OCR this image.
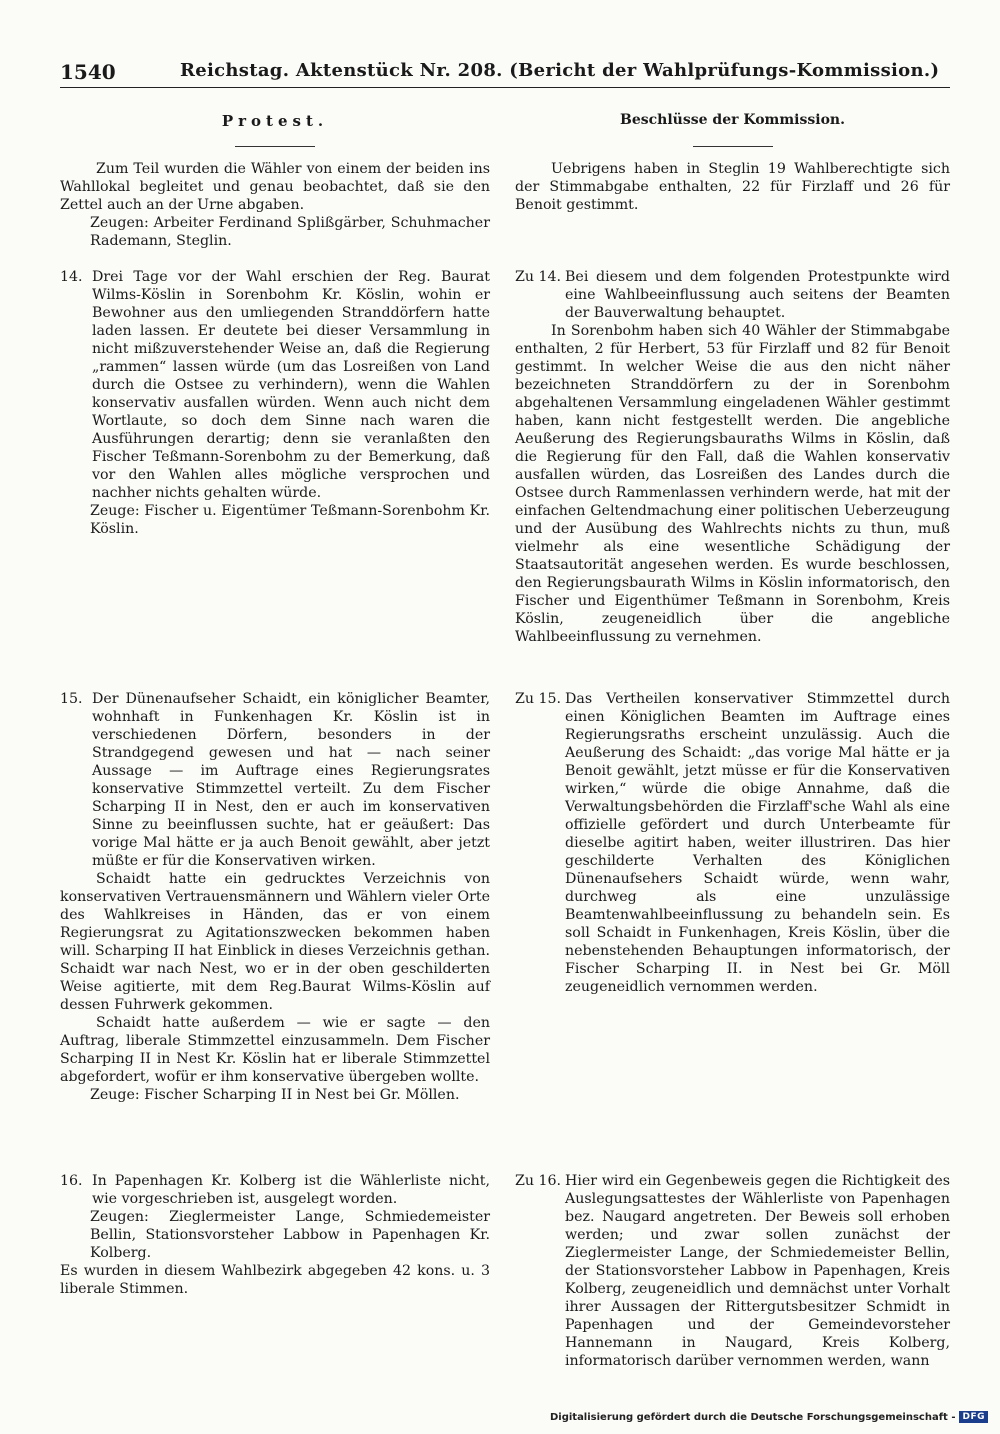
1540	Reichstag. Aktenstück Nr. 208. (Bericht der Wahlprüfungs-Kommission.)
Protest.	Beschlüsse der Kommission.

Zum Teil wurden die Wähler von einem der beiden ins Wahllokal begleitet und genau beobachtet, daß sie den Zettel auch an der Urne abgaben.

Zeugen: Arbeiter Ferdinand Splißgärber, Schuhmacher Rademann, Steglin.

14. Drei Tage vor der Wahl erschien der Reg. Baurat Wilms-Köslin in Sorenbohm Kr. Köslin, wohin er Bewohner aus den umliegenden Stranddörfern hatte laden lassen. Er deutete bei dieser Versammlung in nicht mißzuverstehender Weise an, daß die Regierung „rammen“ lassen würde (um das Losreißen von Land durch die Ostsee zu verhindern), wenn die Wahlen konservativ ausfallen würden. Wenn auch nicht dem Wortlaute, so doch dem Sinne nach waren die Ausführungen derartig; denn sie veranlaßten den Fischer Teßmann-Sorenbohm zu der Bemerkung, daß vor den Wahlen alles mögliche versprochen und nachher nichts gehalten würde.

Zeuge: Fischer u. Eigentümer Teßmann-Sorenbohm Kr. Köslin.

15. Der Dünenaufseher Schaidt, ein königlicher Beamter, wohnhaft in Funkenhagen Kr. Köslin ist in verschiedenen Dörfern, besonders in der Strandgegend gewesen und hat — nach seiner Aussage — im Auftrage eines Regierungsrates konservative Stimmzettel verteilt. Zu dem Fischer Scharping II in Nest, den er auch im konservativen Sinne zu beeinflussen suchte, hat er geäußert: Das vorige Mal hätte er ja auch Benoit gewählt, aber jetzt müßte er für die Konservativen wirken.

Schaidt hatte ein gedrucktes Verzeichnis von konservativen Vertrauensmännern und Wählern vieler Orte des Wahlkreises in Händen, das er von einem Regierungsrat zu Agitationszwecken bekommen haben will. Scharping II hat Einblick in dieses Verzeichnis gethan. Schaidt war nach Nest, wo er in der oben geschilderten Weise agitierte, mit dem Reg.Baurat Wilms-Köslin auf dessen Fuhrwerk gekommen.

Schaidt hatte außerdem — wie er sagte — den Auftrag, liberale Stimmzettel einzusammeln. Dem Fischer Scharping II in Nest Kr. Köslin hat er liberale Stimmzettel abgefordert, wofür er ihm konservative übergeben wollte.

Zeuge: Fischer Scharping II in Nest bei Gr. Möllen.

16. In Papenhagen Kr. Kolberg ist die Wählerliste nicht, wie vorgeschrieben ist, ausgelegt worden.

Zeugen: Zieglermeister Lange, Schmiedemeister Bellin, Stationsvorsteher Labbow in Papenhagen Kr. Kolberg.

Es wurden in diesem Wahlbezirk abgegeben 42 kons. u. 3 liberale Stimmen.

Uebrigens haben in Steglin 19 Wahlberechtigte sich der Stimmabgabe enthalten, 22 für Firzlaff und 26 für Benoit gestimmt.

Zu 14. Bei diesem und dem folgenden Protestpunkte wird eine Wahlbeeinflussung auch seitens der Beamten der Bauverwaltung behauptet.

In Sorenbohm haben sich 40 Wähler der Stimmabgabe enthalten, 2 für Herbert, 53 für Firzlaff und 82 für Benoit gestimmt. In welcher Weise die aus den nicht näher bezeichneten Stranddörfern zu der in Sorenbohm abgehaltenen Versammlung eingeladenen Wähler gestimmt haben, kann nicht festgestellt werden. Die angebliche Aeußerung des Regierungsbauraths Wilms in Köslin, daß die Regierung für den Fall, daß die Wahlen konservativ ausfallen würden, das Losreißen des Landes durch die Ostsee durch Rammenlassen verhindern werde, hat mit der einfachen Geltendmachung einer politischen Ueberzeugung und der Ausübung des Wahlrechts nichts zu thun, muß vielmehr als eine wesentliche Schädigung der Staatsautorität angesehen werden. Es wurde beschlossen, den Regierungsbaurath Wilms in Köslin informatorisch, den Fischer und Eigenthümer Teßmann in Sorenbohm, Kreis Köslin, zeugeneidlich über die angebliche Wahlbeeinflussung zu vernehmen.

Zu 15. Das Vertheilen konservativer Stimmzettel durch einen Königlichen Beamten im Auftrage eines Regierungsraths erscheint unzulässig. Auch die Aeußerung des Schaidt: „das vorige Mal hätte er ja Benoit gewählt, jetzt müsse er für die Konservativen wirken,“ würde die obige Annahme, daß die Verwaltungsbehörden die Firzlaff'sche Wahl als eine offizielle gefördert und durch Unterbeamte für dieselbe agitirt haben, weiter illustriren. Das hier geschilderte Verhalten des Königlichen Dünenaufsehers Schaidt würde, wenn wahr, durchweg als eine unzulässige Beamtenwahlbeeinflussung zu behandeln sein. Es soll Schaidt in Funkenhagen, Kreis Köslin, über die nebenstehenden Behauptungen informatorisch, der Fischer Scharping II. in Nest bei Gr. Möll zeugeneidlich vernommen werden.
Zu 16. Hier wird ein Gegenbeweis gegen die Richtigkeit des Auslegungsattestes der Wählerliste von Papenhagen bez. Naugard angetreten. Der Beweis soll erhoben werden; und zwar sollen zunächst der Zieglermeister Lange, der Schmiedemeister Bellin, der Stationsvorsteher Labbow in Papenhagen, Kreis Kolberg, zeugeneidlich und demnächst unter Vorhalt ihrer Aussagen der Rittergutsbesitzer Schmidt in Papenhagen und der Gemeindevorsteher Hannemann in Naugard, Kreis Kolberg, informatorisch darüber vernommen werden, wann
Digitalisierung gefördert durch die Deutsche Forschungsgemeinschaft - DFG
